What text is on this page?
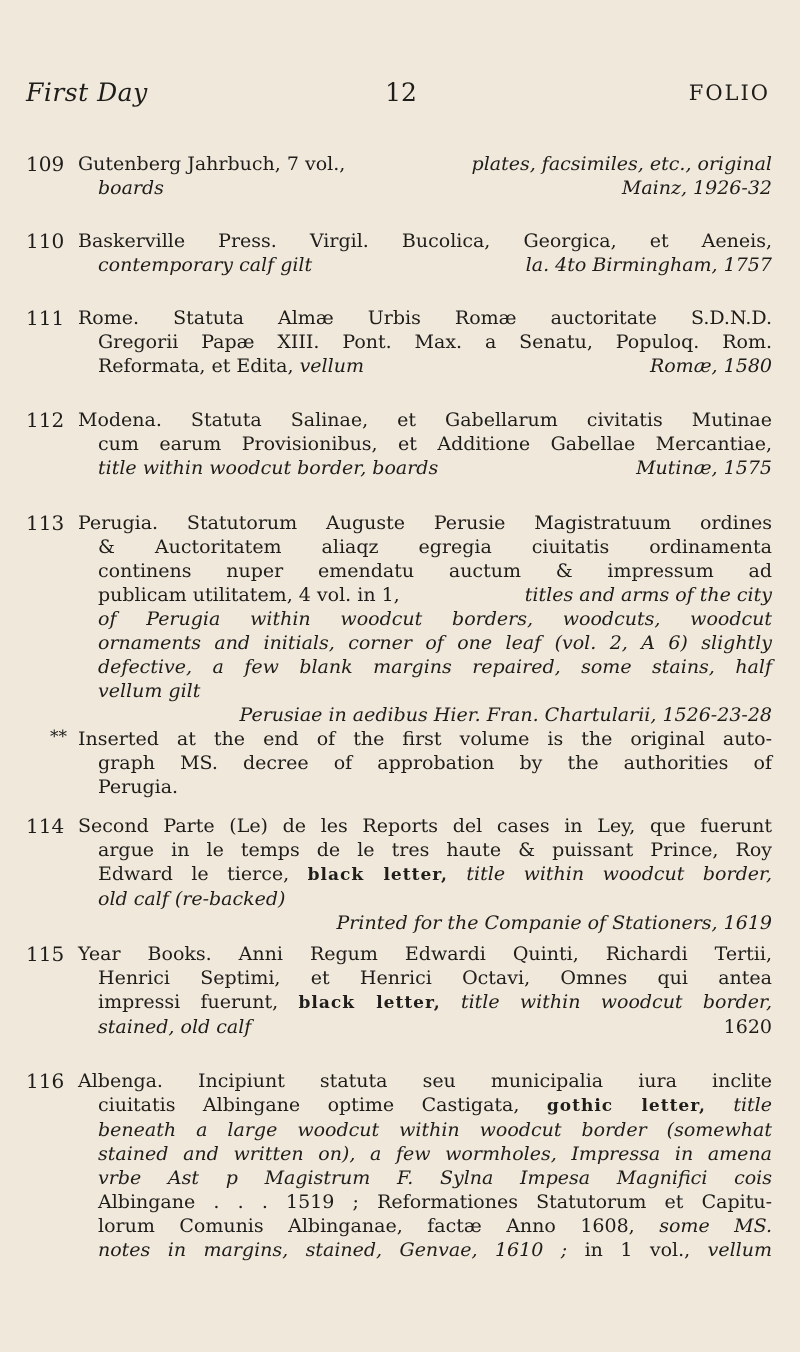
First Day	12	FOLIO
109 Gutenberg Jahrbuch, 7 vol.,	plates, facsimiles, etc., original
boards	Mainz, 1926-32
110 Baskerville Press. Virgil. Bucolica, Georgica, et Aeneis,
contemporary calf gilt	la. 4to Birmingham, 1757
111 Rome. Statuta Almæ Urbis Romæ auctoritate S.D.N.D.
Gregorii Papæ XIII. Pont. Max. a Senatu, Populoq. Rom.
Reformata, et Edita, vellum	Romæ, 1580
112 Modena. Statuta Salinae, et Gabellarum civitatis Mutinae
cum earum Provisionibus, et Additione Gabellae Mercantiae,
title within woodcut border, boards	Mutinæ, 1575
113 Perugia. Statutorum Auguste Perusie Magistratuum ordines
& Auctoritatem aliaqz egregia ciuitatis ordinamenta
continens nuper emendatu auctum & impressum ad
publicam utilitatem, 4 vol. in 1,	titles and arms of the city
of Perugia within woodcut borders, woodcuts, woodcut
ornaments and initials, corner of one leaf (vol. 2, A 6) slightly
defective, a few blank margins repaired, some stains, half
vellum gilt
Perusiae in aedibus Hier. Fran. Chartularii, 1526-23-28
** Inserted at the end of the first volume is the original auto-
graph MS. decree of approbation by the authorities of
Perugia.
114 Second Parte (Le) de les Reports del cases in Ley, que fuerunt
argue in le temps de le tres haute & puissant Prince, Roy
Edward le tierce, black letter, title within woodcut border,
old calf (re-backed)
Printed for the Companie of Stationers, 1619
115 Year Books. Anni Regum Edwardi Quinti, Richardi Tertii,
Henrici Septimi, et Henrici Octavi, Omnes qui antea
impressi fuerunt, black letter, title within woodcut border,
stained, old calf	1620
116 Albenga. Incipiunt statuta seu municipalia iura inclite
ciuitatis Albingane optime Castigata, gothic letter, title
beneath a large woodcut within woodcut border (somewhat
stained and written on), a few wormholes, Impressa in amena
vrbe Ast p Magistrum F. Sylna Impesa Magnifici cois
Albingane . . . 1519 ; Reformationes Statutorum et Capitu-
lorum Comunis Albinganae, factæ Anno 1608, some MS.
notes in margins, stained, Genvae, 1610 ; in 1 vol., vellum
